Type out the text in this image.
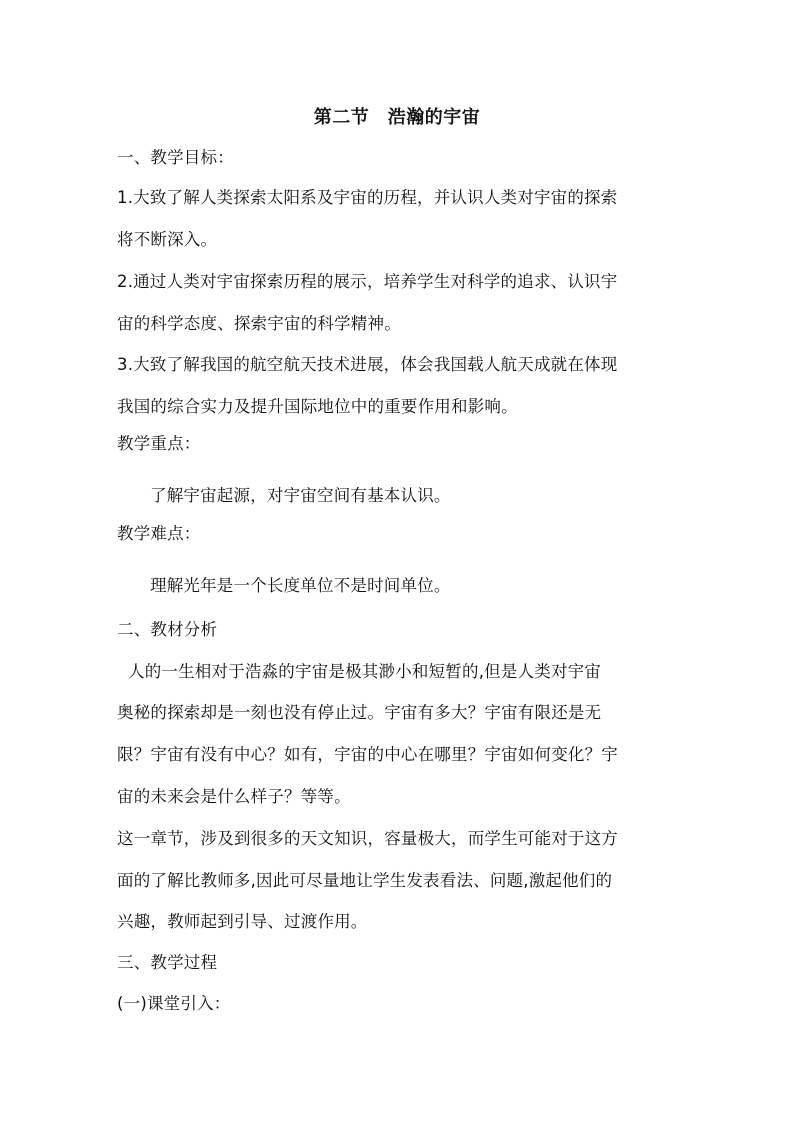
第二节　浩瀚的宇宙
一、教学目标：
1.大致了解人类探索太阳系及宇宙的历程，并认识人类对宇宙的探索
将不断深入。
2.通过人类对宇宙探索历程的展示，培养学生对科学的追求、认识宇
宙的科学态度、探索宇宙的科学精神。
3.大致了解我国的航空航天技术进展，体会我国载人航天成就在体现
我国的综合实力及提升国际地位中的重要作用和影响。
教学重点：
了解宇宙起源，对宇宙空间有基本认识。
教学难点：
理解光年是一个长度单位不是时间单位。
二、教材分析
人的一生相对于浩淼的宇宙是极其渺小和短暂的,但是人类对宇宙
奥秘的探索却是一刻也没有停止过。宇宙有多大？宇宙有限还是无
限？宇宙有没有中心？如有，宇宙的中心在哪里？宇宙如何变化？宇
宙的未来会是什么样子？等等。
这一章节，涉及到很多的天文知识，容量极大，而学生可能对于这方
面的了解比教师多,因此可尽量地让学生发表看法、问题,激起他们的
兴趣，教师起到引导、过渡作用。
三、教学过程
(一)课堂引入：
